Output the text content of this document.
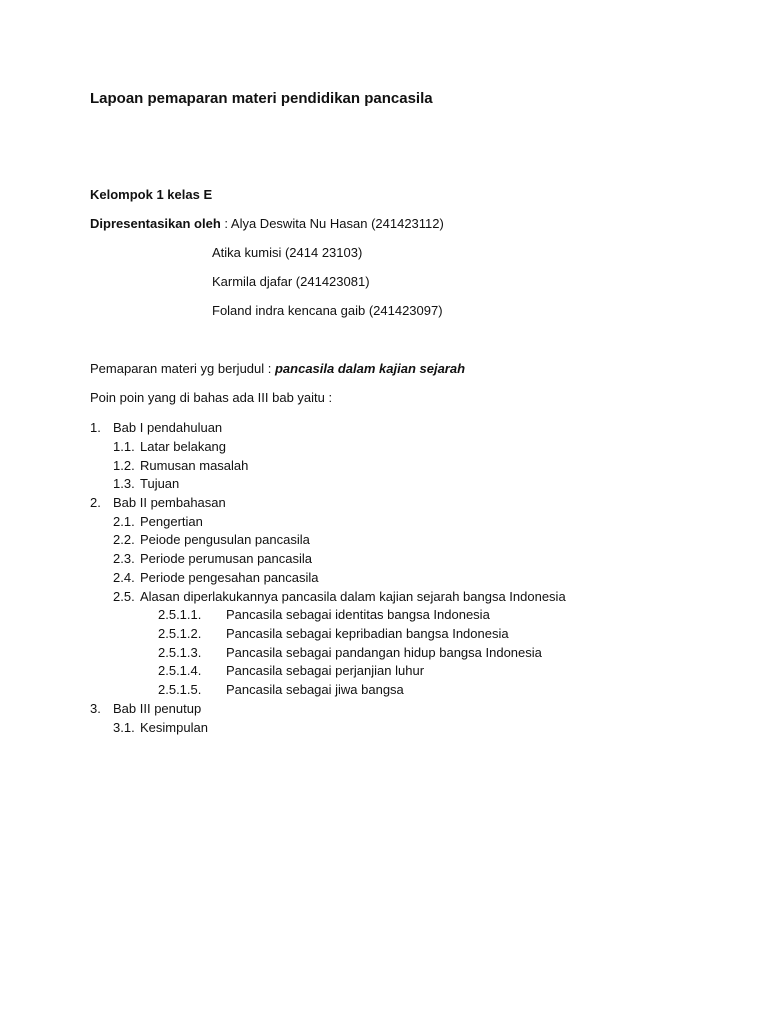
Lapoan pemaparan materi pendidikan pancasila
Kelompok 1 kelas E
Dipresentasikan oleh : Alya Deswita Nu Hasan (241423112)
Atika kumisi (2414 23103)
Karmila djafar (241423081)
Foland indra kencana gaib (241423097)
Pemaparan materi yg berjudul : pancasila dalam kajian sejarah
Poin poin yang di bahas ada III bab yaitu :
1. Bab I pendahuluan
1.1. Latar belakang
1.2. Rumusan masalah
1.3. Tujuan
2. Bab II pembahasan
2.1. Pengertian
2.2. Peiode pengusulan pancasila
2.3. Periode perumusan pancasila
2.4. Periode pengesahan pancasila
2.5. Alasan diperlakukannya pancasila dalam kajian sejarah bangsa Indonesia
2.5.1.1. Pancasila sebagai identitas bangsa Indonesia
2.5.1.2. Pancasila sebagai kepribadian bangsa Indonesia
2.5.1.3. Pancasila sebagai pandangan hidup bangsa Indonesia
2.5.1.4. Pancasila sebagai perjanjian luhur
2.5.1.5. Pancasila sebagai jiwa bangsa
3. Bab III penutup
3.1. Kesimpulan
